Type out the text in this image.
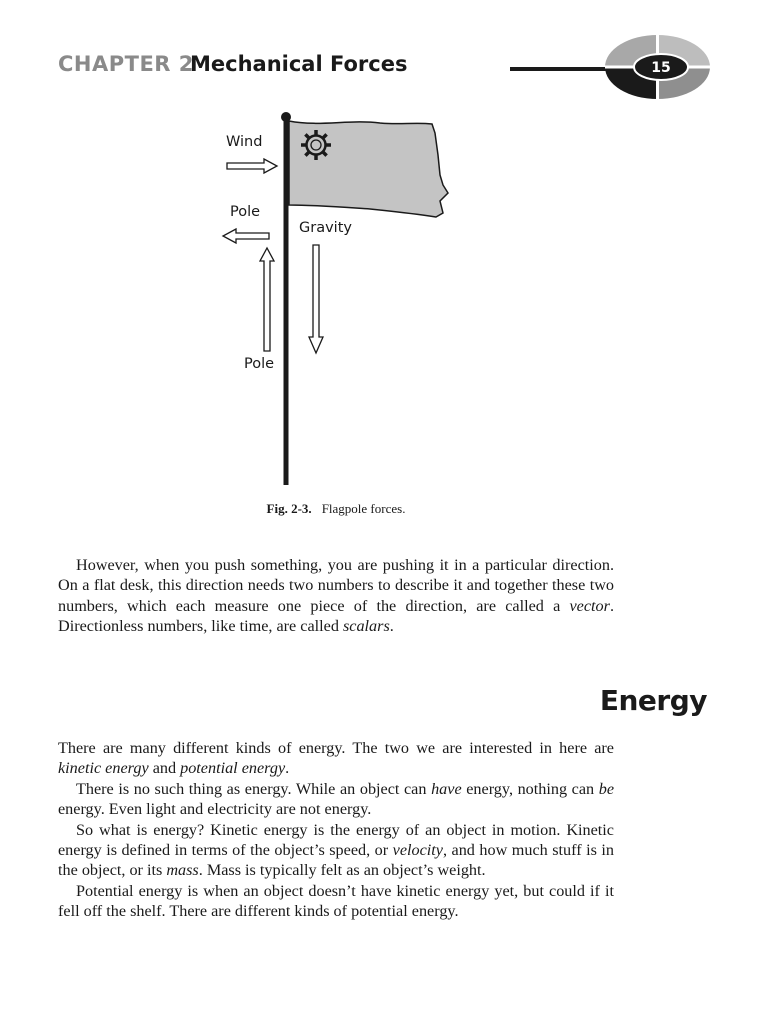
CHAPTER 2
Mechanical Forces	15
Wind
Pole
Gravity
Pole
Fig. 2-3. Flagpole forces.

However, when you push something, you are pushing it in a particular direction. On a flat desk, this direction needs two numbers to describe it and together these two numbers, which each measure one piece of the direction, are called a vector. Directionless numbers, like time, are called scalars.

Energy

There are many different kinds of energy. The two we are interested in here are kinetic energy and potential energy.

There is no such thing as energy. While an object can have energy, nothing can be energy. Even light and electricity are not energy.

So what is energy? Kinetic energy is the energy of an object in motion. Kinetic energy is defined in terms of the object’s speed, or velocity, and how much stuff is in the object, or its mass. Mass is typically felt as an object’s weight.

Potential energy is when an object doesn’t have kinetic energy yet, but could if it fell off the shelf. There are different kinds of potential energy.
